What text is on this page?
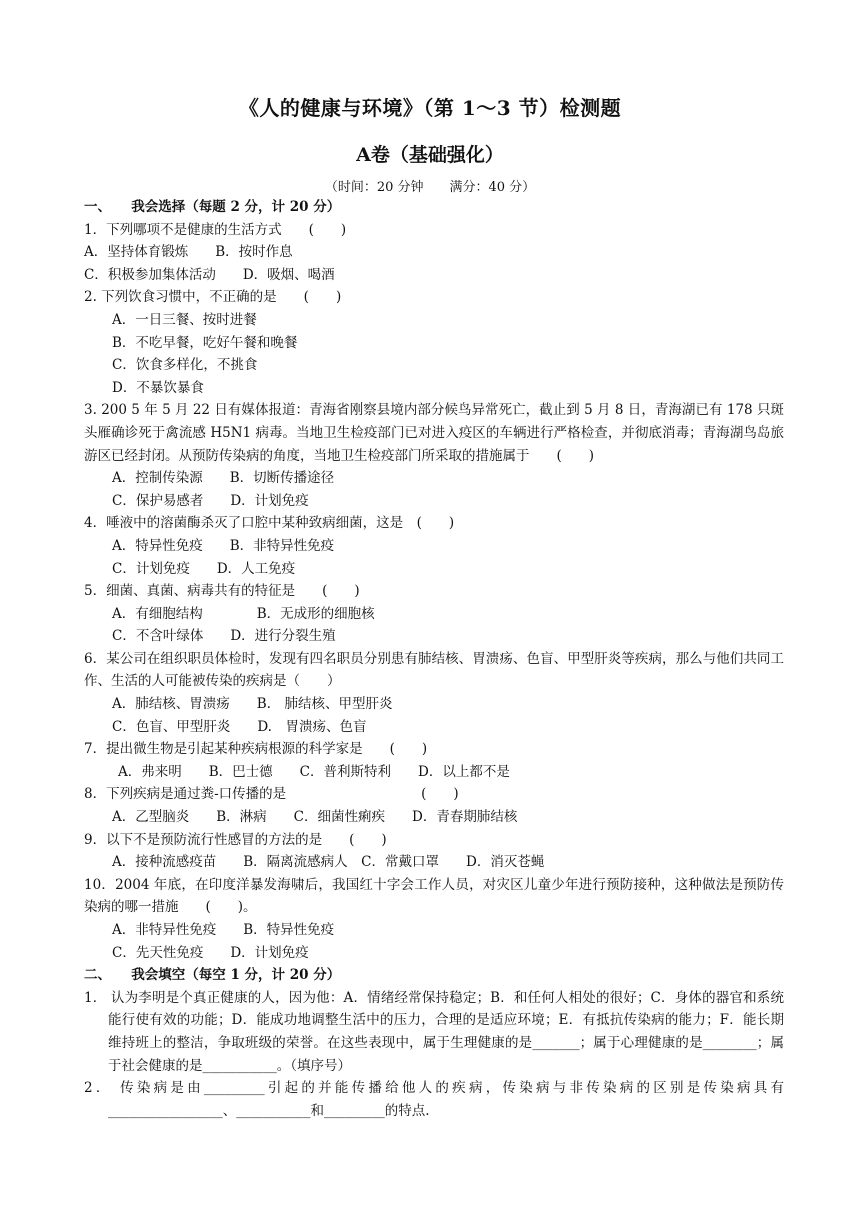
《人的健康与环境》（第 1～3 节）检测题
A卷（基础强化）
（时间：20 分钟　　满分：40 分）
一、　　我会选择（每题 2 分，计 20 分）
1．下列哪项不是健康的生活方式　　(　　)
A．坚持体育锻炼　　B．按时作息
C．积极参加集体活动　　D．吸烟、喝酒
2. 下列饮食习惯中，不正确的是　　(　　)
A．一日三餐、按时进餐
B．不吃早餐，吃好午餐和晚餐
C．饮食多样化，不挑食
D．不暴饮暴食
3. 200 5 年 5 月 22 日有媒体报道：青海省刚察县境内部分候鸟异常死亡，截止到 5 月 8 日，青海湖已有 178 只斑头雁确诊死于禽流感 H5N1 病毒。当地卫生检疫部门已对进入疫区的车辆进行严格检查，并彻底消毒；青海湖鸟岛旅游区已经封闭。从预防传染病的角度，当地卫生检疫部门所采取的措施属于　　(　　)
A．控制传染源　　B．切断传播途径
C．保护易感者　　D．计划免疫
4．唾液中的溶菌酶杀灭了口腔中某种致病细菌，这是　(　　)
A．特异性免疫　　B．非特异性免疫
C．计划免疫　　D．人工免疫
5．细菌、真菌、病毒共有的特征是　　(　　)
A．有细胞结构　　　　B．无成形的细胞核
C．不含叶绿体　　D．进行分裂生殖
6．某公司在组织职员体检时，发现有四名职员分别患有肺结核、胃溃疡、色盲、甲型肝炎等疾病，那么与他们共同工作、生活的人可能被传染的疾病是（　　）
A．肺结核、胃溃疡　　B.　肺结核、甲型肝炎
C．色盲、甲型肝炎　　D.　胃溃疡、色盲
7．提出微生物是引起某种疾病根源的科学家是　　(　　)
A．弗来明　　B．巴士德　　C．普利斯特利　　D．以上都不是
8．下列疾病是通过粪-口传播的是　　　　　　　　　　(　　)
A．乙型脑炎　　B．淋病　　C．细菌性痢疾　　D．青春期肺结核
9．以下不是预防流行性感冒的方法的是　　(　　)
A．接种流感疫苗　　B．隔离流感病人　C．常戴口罩　　D．消灭苍蝇
10．2004 年底，在印度洋暴发海啸后，我国红十字会工作人员，对灾区儿童少年进行预防接种，这种做法是预防传染病的哪一措施　　(　　)。
A．非特异性免疫　　B．特异性免疫
C．先天性免疫　　D．计划免疫
二、　　我会填空（每空 1 分，计 20 分）
1． 认为李明是个真正健康的人，因为他：A．情绪经常保持稳定；B．和任何人相处的很好；C．身体的器官和系统能行使有效的功能；D．能成功地调整生活中的压力，合理的是适应环境；E．有抵抗传染病的能力；F．能长期维持班上的整洁，争取班级的荣誉。在这些表现中，属于生理健康的是_______；属于心理健康的是________；属于社会健康的是___________。（填序号）
2． 传染病是由_________引起的并能传播给他人的疾病，传染病与非传染病的区别是传染病具有_________________、___________和_________的特点.
